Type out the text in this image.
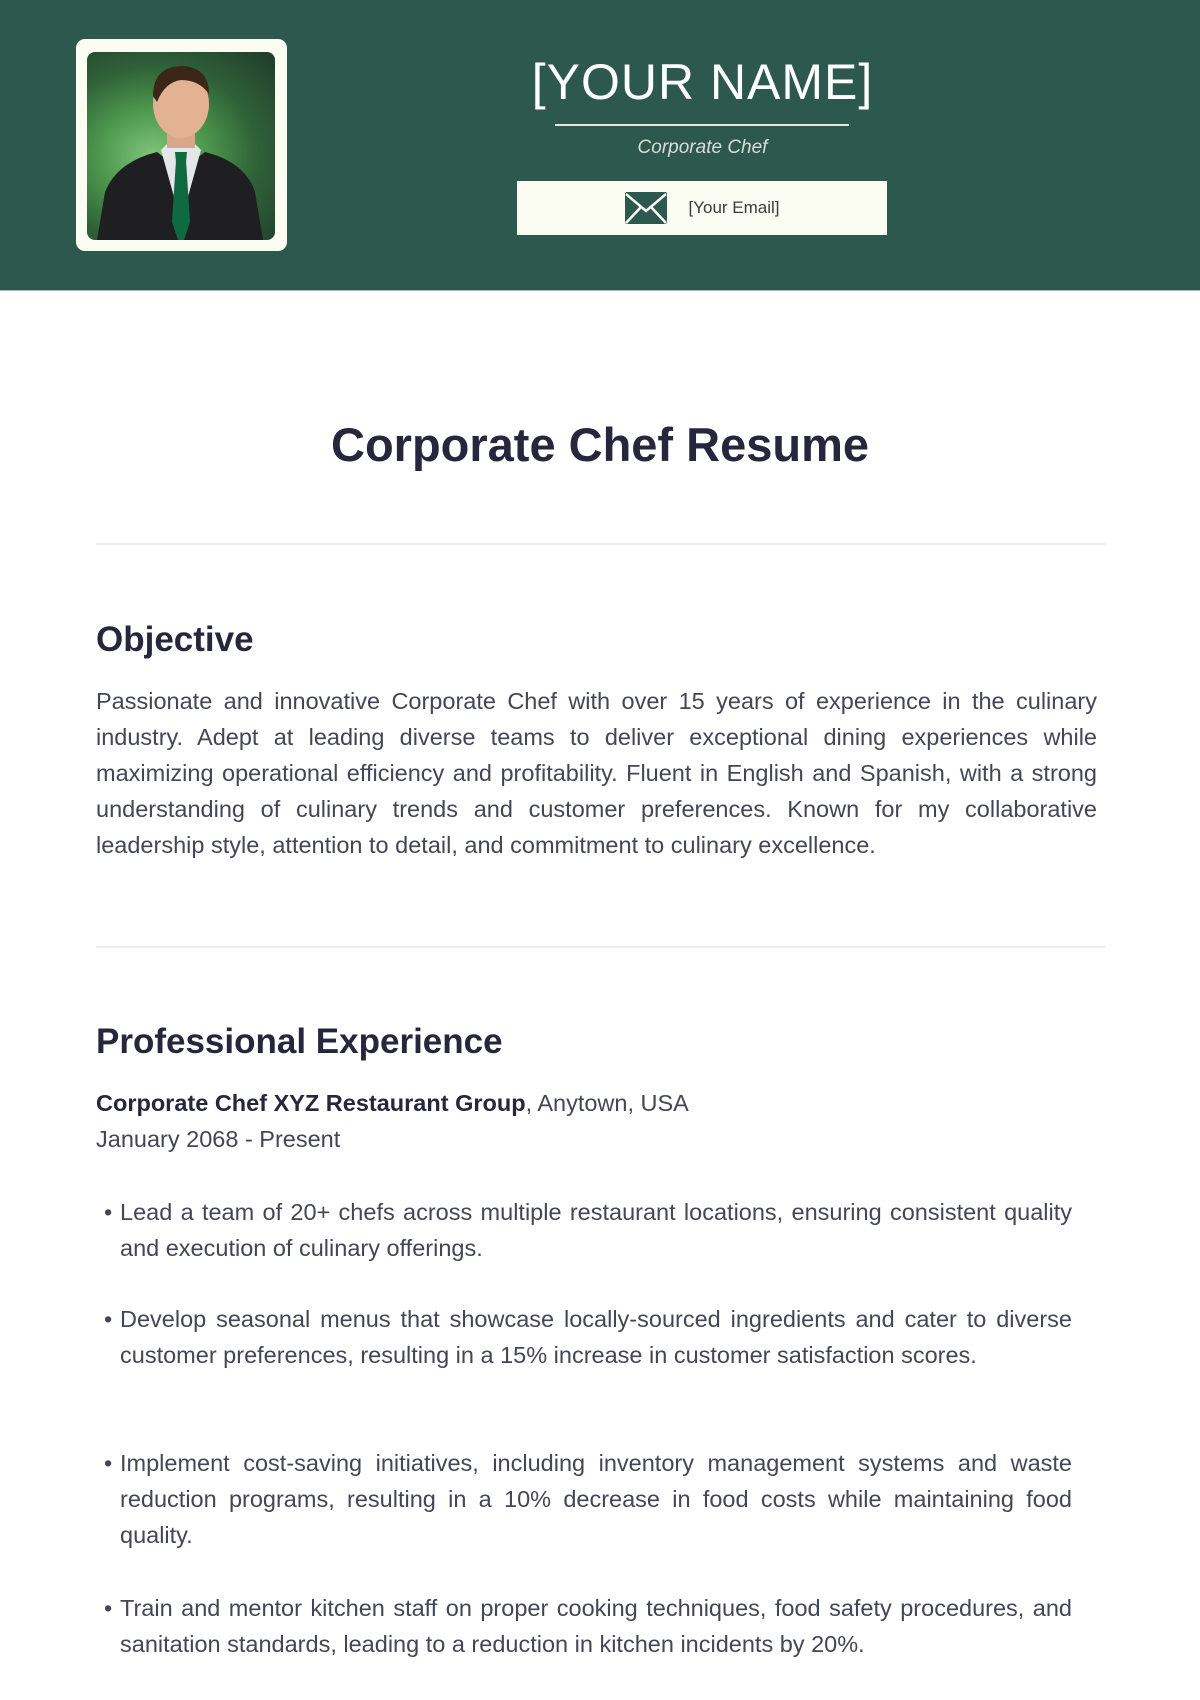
[YOUR NAME]
Corporate Chef
[Your Email]
Corporate Chef Resume
Objective
Passionate and innovative Corporate Chef with over 15 years of experience in the culinary industry. Adept at leading diverse teams to deliver exceptional dining experiences while maximizing operational efficiency and profitability. Fluent in English and Spanish, with a strong understanding of culinary trends and customer preferences. Known for my collaborative leadership style, attention to detail, and commitment to culinary excellence.
Professional Experience
Corporate Chef XYZ Restaurant Group, Anytown, USA
January 2068 - Present
• Lead a team of 20+ chefs across multiple restaurant locations, ensuring consistent quality and execution of culinary offerings.
• Develop seasonal menus that showcase locally-sourced ingredients and cater to diverse customer preferences, resulting in a 15% increase in customer satisfaction scores.
• Implement cost-saving initiatives, including inventory management systems and waste reduction programs, resulting in a 10% decrease in food costs while maintaining food quality.
• Train and mentor kitchen staff on proper cooking techniques, food safety procedures, and sanitation standards, leading to a reduction in kitchen incidents by 20%.
